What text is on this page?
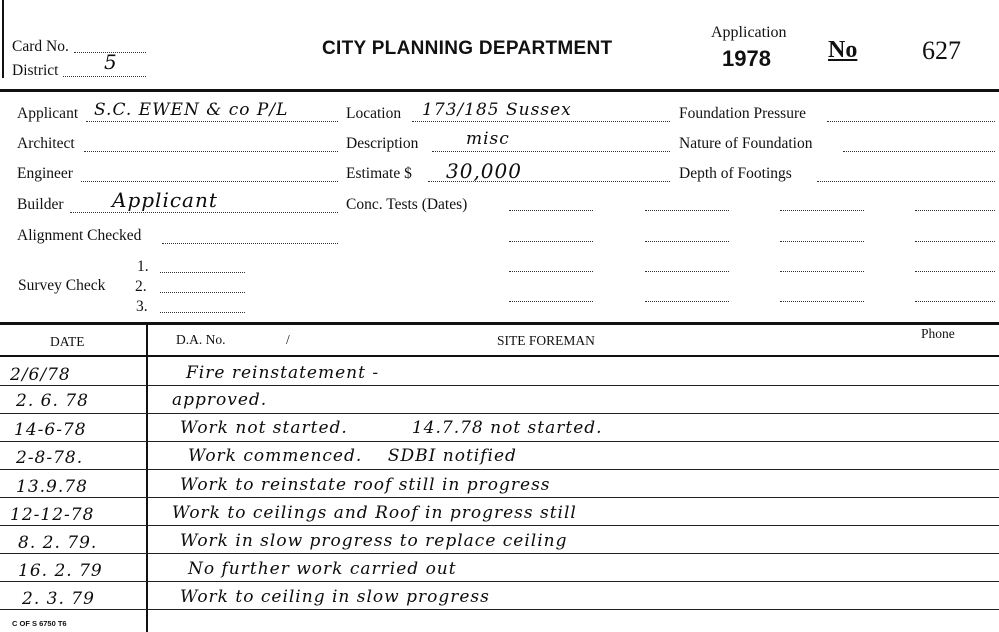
Card No.
District 5
CITY PLANNING DEPARTMENT
Application
1978 No 627
Applicant S.C. EWEN & co P/L
Architect
Engineer
Builder Applicant
Alignment Checked
Survey Check
1.
2.
3.
Location 173/185 Sussex
Description	misc
Estimate $ 30,000
Conc. Tests (Dates)
Foundation Pressure
Nature of Foundation
Depth of Footings
DATE	D.A. No.	/	SITE FOREMAN	Phone
2/6/78	Fire reinstatement -
2. 6. 78	approved.
14-6-78	Work not started.          14.7.78 not started.
2-8-78.	Work commenced.    SDBI notified
13.9.78	Work to reinstate roof still in progress
12-12-78	Work to ceilings and Roof in progress still
8. 2. 79.	Work in slow progress to replace ceiling
16. 2. 79	No further work carried out
2. 3. 79	Work to ceiling in slow progress
C OF S 6750 T6
